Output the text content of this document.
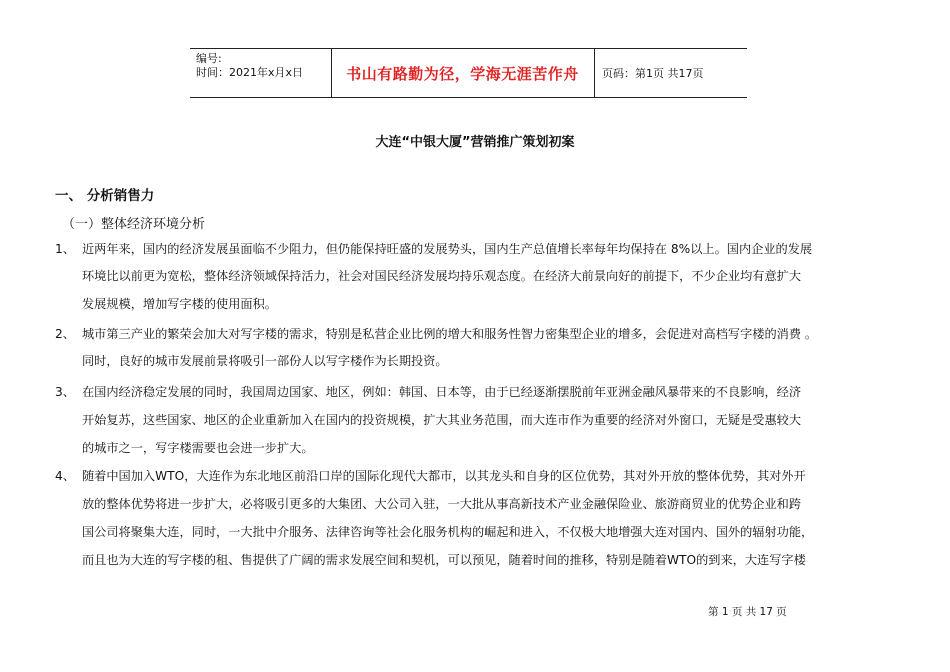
编号:
时间：2021年x月x日	书山有路勤为径，学海无涯苦作舟 页码：第1页 共17页
大连“中银大厦”营销推广策划初案
一、 分析销售力
（一）整体经济环境分析
1、 近两年来，国内的经济发展虽面临不少阻力，但仍能保持旺盛的发展势头，国内生产总值增长率每年均保持在 8%以上。国内企业的发展
环境比以前更为宽松，整体经济领域保持活力，社会对国民经济发展均持乐观态度。在经济大前景向好的前提下，不少企业均有意扩大
发展规模，增加写字楼的使用面积。
2、 城市第三产业的繁荣会加大对写字楼的需求，特别是私营企业比例的增大和服务性智力密集型企业的增多，会促进对高档写字楼的消费 。
同时，良好的城市发展前景将吸引一部份人以写字楼作为长期投资。
3、 在国内经济稳定发展的同时，我国周边国家、地区，例如：韩国、日本等，由于已经逐渐摆脱前年亚洲金融风暴带来的不良影响，经济
开始复苏，这些国家、地区的企业重新加入在国内的投资规模，扩大其业务范围，而大连市作为重要的经济对外窗口，无疑是受惠较大
的城市之一，写字楼需要也会进一步扩大。
4、 随着中国加入WTO，大连作为东北地区前沿口岸的国际化现代大都市，以其龙头和自身的区位优势，其对外开放的整体优势，其对外开
放的整体优势将进一步扩大，必将吸引更多的大集团、大公司入驻，一大批从事高新技术产业金融保险业、旅游商贸业的优势企业和跨
国公司将聚集大连，同时，一大批中介服务、法律咨询等社会化服务机构的崛起和进入，不仅极大地增强大连对国内、国外的辐射功能，
而且也为大连的写字楼的租、售提供了广阔的需求发展空间和契机，可以预见，随着时间的推移，特别是随着WTO的到来，大连写字楼
第 1 页 共 17 页
